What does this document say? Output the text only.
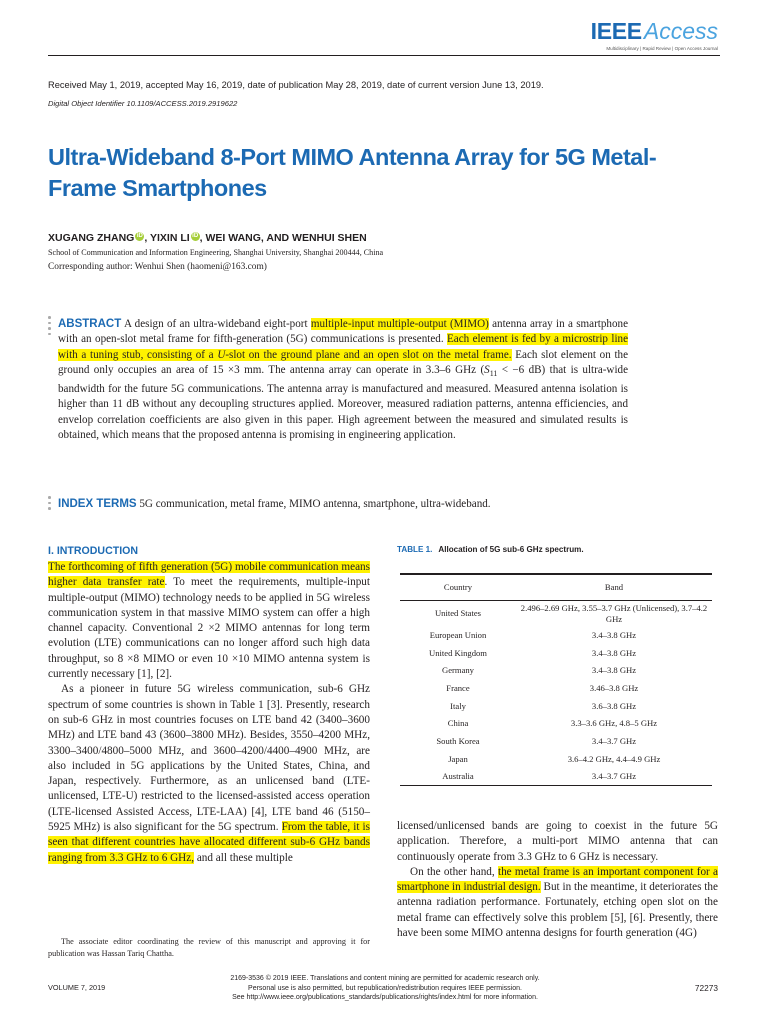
IEEEAccess
Multidisciplinary | Rapid Review | Open Access Journal
Received May 1, 2019, accepted May 16, 2019, date of publication May 28, 2019, date of current version June 13, 2019.
Digital Object Identifier 10.1109/ACCESS.2019.2919622
Ultra-Wideband 8-Port MIMO Antenna Array for 5G Metal-Frame Smartphones
XUGANG ZHANG iD , YIXIN LI iD , WEI WANG, AND WENHUI SHEN
School of Communication and Information Engineering, Shanghai University, Shanghai 200444, China
Corresponding author: Wenhui Shen (haomeni@163.com)
ABSTRACT A design of an ultra-wideband eight-port multiple-input multiple-output (MIMO) antenna array in a smartphone with an open-slot metal frame for fifth-generation (5G) communications is presented. Each element is fed by a microstrip line with a tuning stub, consisting of a U-slot on the ground plane and an open slot on the metal frame. Each slot element on the ground only occupies an area of 15 ×3 mm. The antenna array can operate in 3.3–6 GHz ($S_{11} < -6$ dB) that is ultra-wide bandwidth for the future 5G communications. The antenna array is manufactured and measured. Measured antenna isolation is higher than 11 dB without any decoupling structures applied. Moreover, measured radiation patterns, antenna efficiencies, and envelop correlation coefficients are also given in this paper. High agreement between the measured and simulated results is obtained, which means that the proposed antenna is promising in engineering application.
INDEX TERMS 5G communication, metal frame, MIMO antenna, smartphone, ultra-wideband.
I. INTRODUCTION

The forthcoming of fifth generation (5G) mobile communication means higher data transfer rate. To meet the requirements, multiple-input multiple-output (MIMO) technology needs to be applied in 5G wireless communication system in that massive MIMO system can offer a high channel capacity. Conventional 2 ×2 MIMO antennas for long term evolution (LTE) communications can no longer afford such high data throughput, so 8 ×8 MIMO or even 10 ×10 MIMO antenna system is currently necessary [1], [2].

As a pioneer in future 5G wireless communication, sub-6 GHz spectrum of some countries is shown in Table 1 [3]. Presently, research on sub-6 GHz in most countries focuses on LTE band 42 (3400–3600 MHz) and LTE band 43 (3600–3800 MHz). Besides, 3550–4200 MHz, 3300–3400/4800–5000 MHz, and 3600–4200/4400–4900 MHz, are also included in 5G applications by the United States, China, and Japan, respectively. Furthermore, as an unlicensed band (LTE-unlicensed, LTE-U) restricted to the licensed-assisted access operation (LTE-licensed Assisted Access, LTE-LAA) [4], LTE band 46 (5150–5925 MHz) is also significant for the 5G spectrum. From the table, it is seen that different countries have allocated different sub-6 GHz bands ranging from 3.3 GHz to 6 GHz, and all these multiple

The associate editor coordinating the review of this manuscript and approving it for publication was Hassan Tariq Chattha.
TABLE 1. Allocation of 5G sub-6 GHz spectrum.
Country	Band
United States	2.496–2.69 GHz, 3.55–3.7 GHz (Unlicensed), 3.7–4.2 GHz
European Union	3.4–3.8 GHz
United Kingdom	3.4–3.8 GHz
Germany	3.4–3.8 GHz
France	3.46–3.8 GHz
Italy	3.6–3.8 GHz
China	3.3–3.6 GHz, 4.8–5 GHz
South Korea	3.4–3.7 GHz
Japan	3.6–4.2 GHz, 4.4–4.9 GHz
Australia	3.4–3.7 GHz

licensed/unlicensed bands are going to coexist in the future 5G application. Therefore, a multi-port MIMO antenna that can continuously operate from 3.3 GHz to 6 GHz is necessary.

On the other hand, the metal frame is an important component for a smartphone in industrial design. But in the meantime, it deteriorates the antenna radiation performance. Fortunately, etching open slot on the metal frame can effectively solve this problem [5], [6]. Presently, there have been some MIMO antenna designs for fourth generation (4G)

VOLUME 7, 2019
2169-3536 © 2019 IEEE. Translations and content mining are permitted for academic research only.
Personal use is also permitted, but republication/redistribution requires IEEE permission.
See http://www.ieee.org/publications_standards/publications/rights/index.html for more information.
72273
